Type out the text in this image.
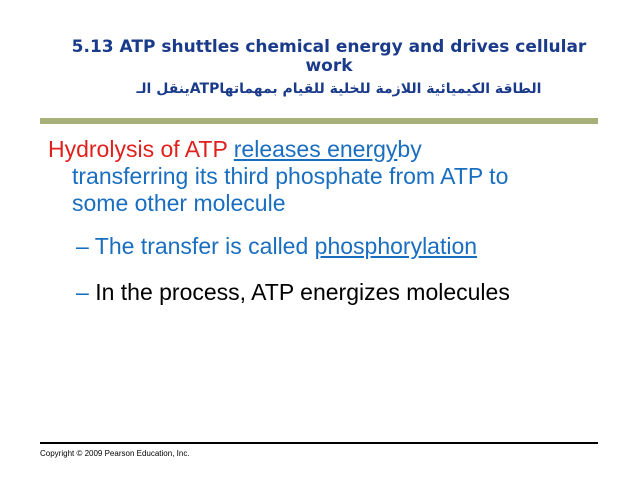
5.13 ATP shuttles chemical energy and drives cellular
work
الطاقة الكيميائية اللازمة للخلية للقيام بمهماتهاATPينقل الـ
Hydrolysis of ATP releases energyby
transferring its third phosphate from ATP to
some other molecule
– The transfer is called phosphorylation
– In the process, ATP energizes molecules
Copyright © 2009 Pearson Education, Inc.
